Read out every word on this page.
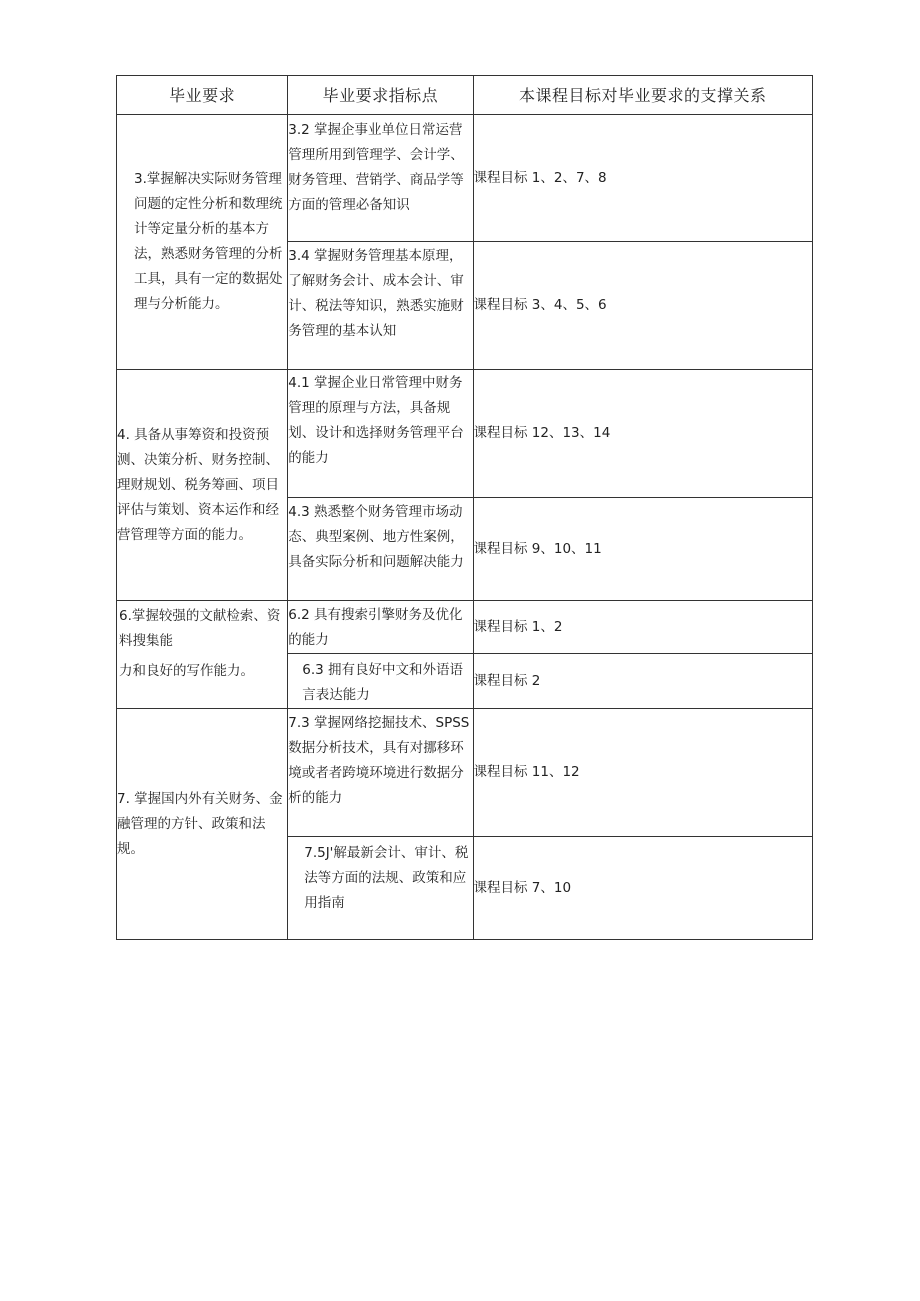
毕业要求	毕业要求指标点	本课程目标对毕业要求的支撑关系
3.掌握解决实际财务管理问题的定性分析和数理统计等定量分析的基本方法，熟悉财务管理的分析工具，具有一定的数据处理与分析能力。	3.2 掌握企事业单位日常运营管理所用到管理学、会计学、财务管理、营销学、商品学等方面的管理必备知识	课程目标 1、2、7、8
	3.4 掌握财务管理基本原理，了解财务会计、成本会计、审计、税法等知识，熟悉实施财务管理的基本认知	课程目标 3、4、5、6
4. 具备从事筹资和投资预测、决策分析、财务控制、理财规划、税务筹画、项目评估与策划、资本运作和经营管理等方面的能力。	4.1 掌握企业日常管理中财务管理的原理与方法，具备规划、设计和选择财务管理平台的能力	课程目标 12、13、14
	4.3 熟悉整个财务管理市场动态、典型案例、地方性案例，具备实际分析和问题解决能力	课程目标 9、10、11

6.掌握较强的文献检索、资料搜集能
力和良好的写作能力。	6.2 具有搜索引擎财务及优化的能力	课程目标 1、2
	6.3 拥有良好中文和外语语言表达能力	课程目标 2
7. 掌握国内外有关财务、金融管理的方针、政策和法规。	7.3 掌握网络挖掘技术、SPSS 数据分析技术，具有对挪移环境或者者跨境环境进行数据分析的能力	课程目标 11、12
	7.5J'解最新会计、审计、税法等方面的法规、政策和应用指南	课程目标 7、10
